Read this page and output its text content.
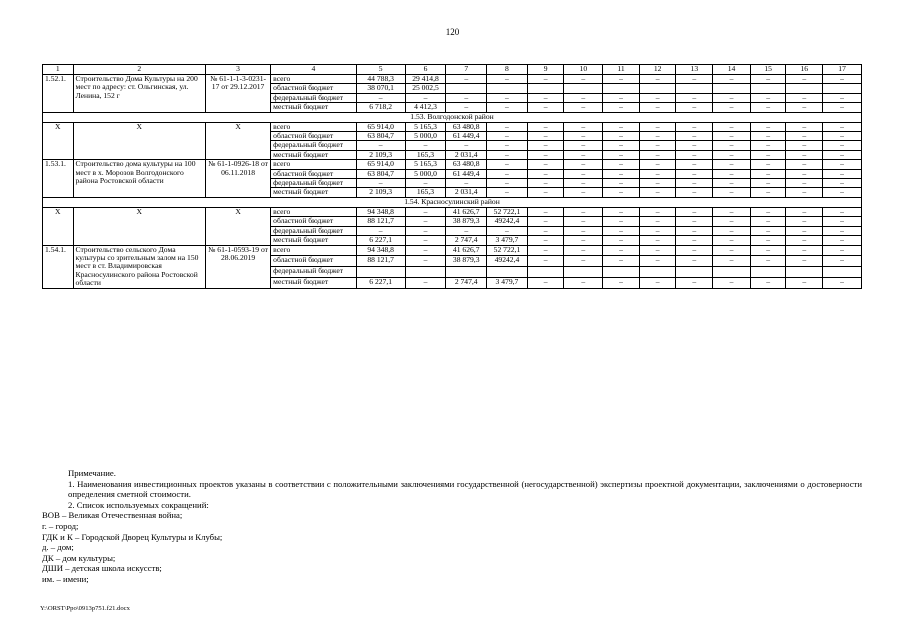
120
1	2	3	4	5	6	7	8	9	10	11	12	13	14	15	16	17
1.52.1.	Строительство Дома Культуры на 200 мест по адресу: ст. Ольгинская, ул. Ленина, 152 г	№ 61-1-1-3-0231-17 от 29.12.2017	всего	44 788,3	29 414,8	–	–	–	–	–	–	–	–	–	–	–
			областной бюджет	38 070,1	25 002,5											
			федеральный бюджет	–	–	–	–	–	–	–	–	–	–	–	–	–
			местный бюджет	6 718,2	4 412,3	–	–	–	–	–	–	–	–	–	–	–
1.53. Волгодонской район																
X	X	X	всего	65 914,0	5 165,3	63 480,8	–	–	–	–	–	–	–	–	–	–
			областной бюджет	63 804,7	5 000,0	61 449,4	–	–	–	–	–	–	–	–	–	–
			федеральный бюджет	–	–	–	–	–	–	–	–	–	–	–	–	–
			местный бюджет	2 109,3	165,3	2 031,4	–	–	–	–	–	–	–	–	–	–
1.53.1.	Строительство дома культуры на 100 мест в х. Морозов Волгодонского района Ростовской области	№ 61-1-0926-18 от 06.11.2018	всего	65 914,0	5 165,3	63 480,8	–	–	–	–	–	–	–	–	–	–
			областной бюджет	63 804,7	5 000,0	61 449,4	–	–	–	–	–	–	–	–	–	–
			федеральный бюджет	–	–	–	–	–	–	–	–	–	–	–	–	–
			местный бюджет	2 109,3	165,3	2 031,4	–	–	–	–	–	–	–	–	–	–
1.54. Красносулинский район																
X	X	X	всего	94 348,8	–	41 626,7	52 722,1	–	–	–	–	–	–	–	–	–
			областной бюджет	88 121,7	–	38 879,3	49242,4	–	–	–	–	–	–	–	–	–
			федеральный бюджет	–	–	–	–	–	–	–	–	–	–	–	–	–
			местный бюджет	6 227,1	–	2 747,4	3 479,7	–	–	–	–	–	–	–	–	–
1.54.1.	Строительство сельского Дома культуры со зрительным залом на 150 мест в ст. Владимировская Красносулинского района Ростовской области	№ 61-1-0593-19 от 28.06.2019	всего	94 348,8	–	41 626,7	52 722,1	–	–	–	–	–	–	–	–	–
			областной бюджет	88 121,7	–	38 879,3	49242,4	–	–	–	–	–	–	–	–	–
			федеральный бюджет													
			местный бюджет	6 227,1	–	2 747,4	3 479,7	–	–	–	–	–	–	–	–	–
Примечание.
1. Наименования инвестиционных проектов указаны в соответствии с положительными заключениями государственной (негосударственной) экспертизы проектной документации, заключениями о достоверности определения сметной стоимости.
2. Список используемых сокращений:
ВОВ – Великая Отечественная война;
г. – город;
ГДК и К – Городской Дворец Культуры и Клубы;
д. – дом;
ДК – дом культуры;
ДШИ – детская школа искусств;
им. – имени;
Y:\ORST\Ppo\0913p751.f21.docx
